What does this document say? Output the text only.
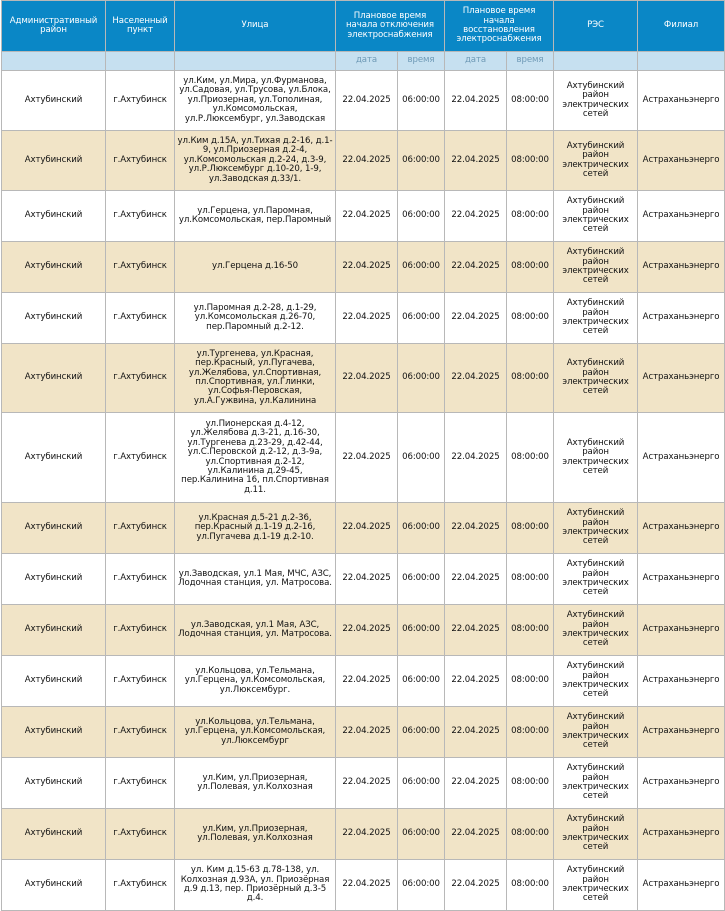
Административный район	Населенный пункт	Улица	Плановое время начала отключения электроснабжения		Плановое время начала восстановления электроснабжения		РЭС	Филиал
			дата	время	дата	время		
Ахтубинский	г.Ахтубинск	ул.Ким, ул.Мира, ул.Фурманова, ул.Садовая, ул.Трусова, ул.Блока, ул.Приозерная, ул.Тополиная, ул.Комсомольская, ул.Р.Люксембург, ул.Заводская	22.04.2025	06:00:00	22.04.2025	08:00:00	Ахтубинский район электрических сетей	Астраханьэнерго
Ахтубинский	г.Ахтубинск	ул.Ким д.15А, ул.Тихая д.2-16, д.1-9, ул.Приозерная д.2-4, ул.Комсомольская д.2-24, д.3-9, ул.Р.Люксембург д.10-20, 1-9, ул.Заводская д.33/1.	22.04.2025	06:00:00	22.04.2025	08:00:00	Ахтубинский район электрических сетей	Астраханьэнерго
Ахтубинский	г.Ахтубинск	ул.Герцена, ул.Паромная, ул.Комсомольская, пер.Паромный	22.04.2025	06:00:00	22.04.2025	08:00:00	Ахтубинский район электрических сетей	Астраханьэнерго
Ахтубинский	г.Ахтубинск	ул.Герцена д.16-50	22.04.2025	06:00:00	22.04.2025	08:00:00	Ахтубинский район электрических сетей	Астраханьэнерго
Ахтубинский	г.Ахтубинск	ул.Паромная д.2-28, д.1-29, ул.Комсомольская д.26-70, пер.Паромный д.2-12.	22.04.2025	06:00:00	22.04.2025	08:00:00	Ахтубинский район электрических сетей	Астраханьэнерго
Ахтубинский	г.Ахтубинск	ул.Тургенева, ул.Красная, пер.Красный, ул.Пугачева, ул.Желябова, ул.Спортивная, пл.Спортивная, ул.Глинки, ул.Софья-Перовская, ул.А.Гужвина, ул.Калинина	22.04.2025	06:00:00	22.04.2025	08:00:00	Ахтубинский район электрических сетей	Астраханьэнерго
Ахтубинский	г.Ахтубинск	ул.Пионерская д.4-12, ул.Желябова д.3-21, д.16-30, ул.Тургенева д.23-29, д.42-44, ул.С.Перовской д.2-12, д.3-9а, ул.Спортивная д.2-12, ул.Калинина д.29-45, пер.Калинина 16, пл.Спортивная д.11.	22.04.2025	06:00:00	22.04.2025	08:00:00	Ахтубинский район электрических сетей	Астраханьэнерго
Ахтубинский	г.Ахтубинск	ул.Красная д.5-21 д.2-36, пер.Красный д.1-19 д.2-16, ул.Пугачева д.1-19 д.2-10.	22.04.2025	06:00:00	22.04.2025	08:00:00	Ахтубинский район электрических сетей	Астраханьэнерго
Ахтубинский	г.Ахтубинск	ул.Заводская, ул.1 Мая, МЧС, АЗС, Лодочная станция, ул. Матросова.	22.04.2025	06:00:00	22.04.2025	08:00:00	Ахтубинский район электрических сетей	Астраханьэнерго
Ахтубинский	г.Ахтубинск	ул.Заводская, ул.1 Мая, АЗС, Лодочная станция, ул. Матросова.	22.04.2025	06:00:00	22.04.2025	08:00:00	Ахтубинский район электрических сетей	Астраханьэнерго
Ахтубинский	г.Ахтубинск	ул.Кольцова, ул.Тельмана, ул.Герцена, ул.Комсомольская, ул.Люксембург.	22.04.2025	06:00:00	22.04.2025	08:00:00	Ахтубинский район электрических сетей	Астраханьэнерго
Ахтубинский	г.Ахтубинск	ул.Кольцова, ул.Тельмана, ул.Герцена, ул.Комсомольская, ул.Люксембург	22.04.2025	06:00:00	22.04.2025	08:00:00	Ахтубинский район электрических сетей	Астраханьэнерго
Ахтубинский	г.Ахтубинск	ул.Ким, ул.Приозерная, ул.Полевая, ул.Колхозная	22.04.2025	06:00:00	22.04.2025	08:00:00	Ахтубинский район электрических сетей	Астраханьэнерго
Ахтубинский	г.Ахтубинск	ул.Ким, ул.Приозерная, ул.Полевая, ул.Колхозная	22.04.2025	06:00:00	22.04.2025	08:00:00	Ахтубинский район электрических сетей	Астраханьэнерго
Ахтубинский	г.Ахтубинск	ул. Ким д.15-63 д.78-138, ул. Колхозная д.93А, ул. Приозёрная д.9 д.13, пер. Приозёрный д.3-5 д.4.	22.04.2025	06:00:00	22.04.2025	08:00:00	Ахтубинский район электрических сетей	Астраханьэнерго
